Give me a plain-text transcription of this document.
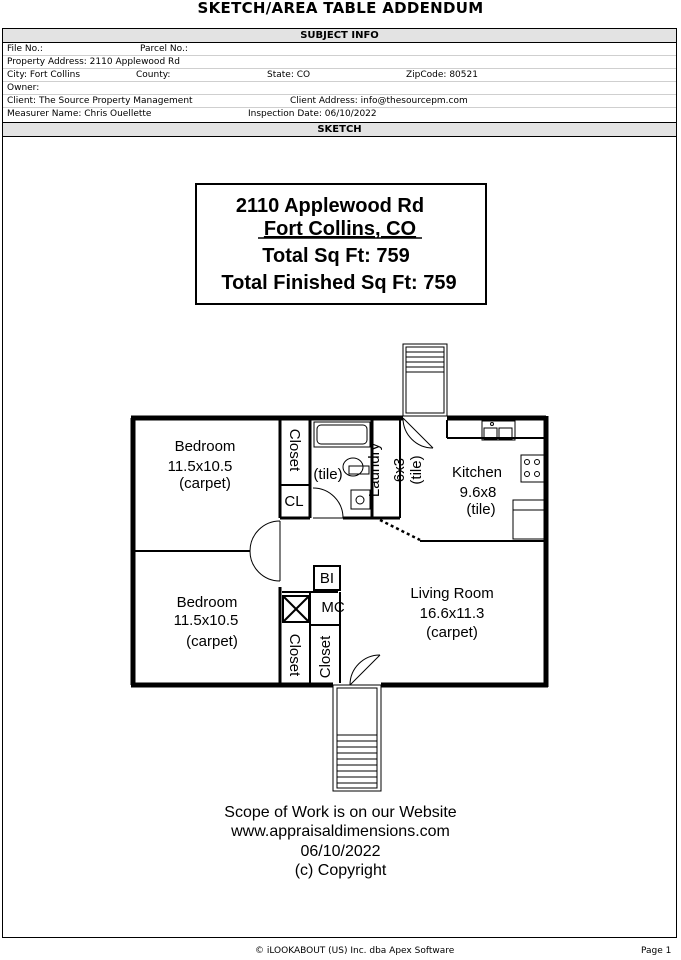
SKETCH/AREA TABLE ADDENDUM
SUBJECT INFO
File No.:	Parcel No.:
Property Address: 2110 Applewood Rd
City: Fort Collins	County:	State: CO	ZipCode: 80521
Owner:
Client: The Source Property Management	Client Address: info@thesourcepm.com
Measurer Name: Chris Ouellette	Inspection Date: 06/10/2022
SKETCH
2110 Applewood Rd
Fort Collins, CO
Total Sq Ft: 759
Total Finished Sq Ft: 759
Bedroom
11.5x10.5
(carpet)
Bedroom
11.5x10.5
(carpet)
Closet
CL
(tile) Laundry 6x3 (tile) Kitchen
9.6x8
(tile)
BI
MC
Living Room
16.6x11.3
(carpet)
Closet Closet
Scope of Work is on our Website
www.appraisaldimensions.com
06/10/2022
(c) Copyright
© iLOOKABOUT (US) Inc. dba Apex Software	Page 1
